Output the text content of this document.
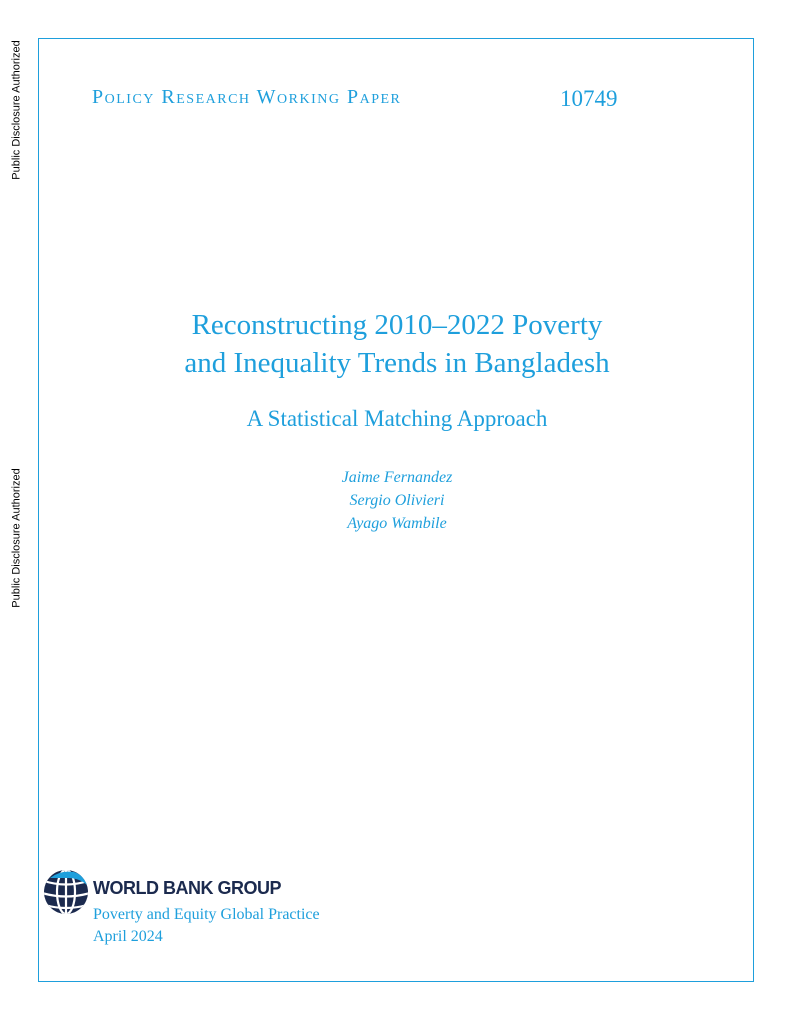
Public Disclosure Authorized
Public Disclosure Authorized
Policy Research Working Paper	10749
Reconstructing 2010–2022 Poverty
and Inequality Trends in Bangladesh
A Statistical Matching Approach
Jaime Fernandez
Sergio Olivieri
Ayago Wambile
WORLD BANK GROUP
Poverty and Equity Global Practice
April 2024
